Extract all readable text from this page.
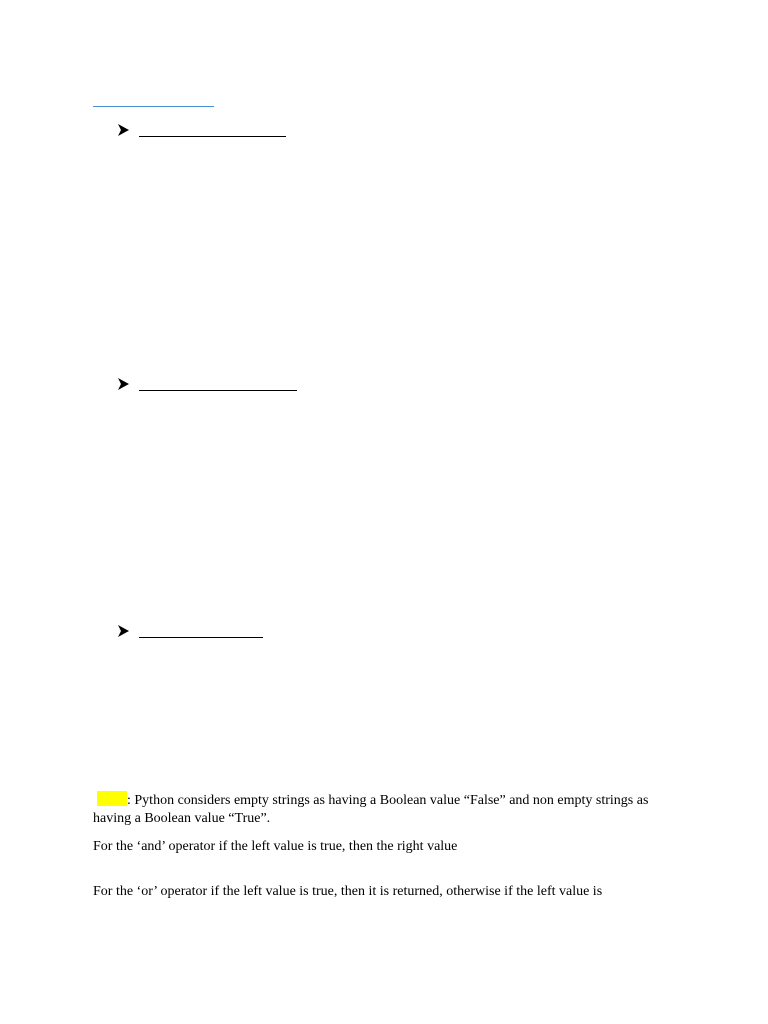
: Python considers empty strings as having a Boolean value “False” and non empty strings as having a Boolean value “True”.
For the ‘and’ operator if the left value is true, then the right value
For the ‘or’ operator if the left value is true, then it is returned, otherwise if the left value is
